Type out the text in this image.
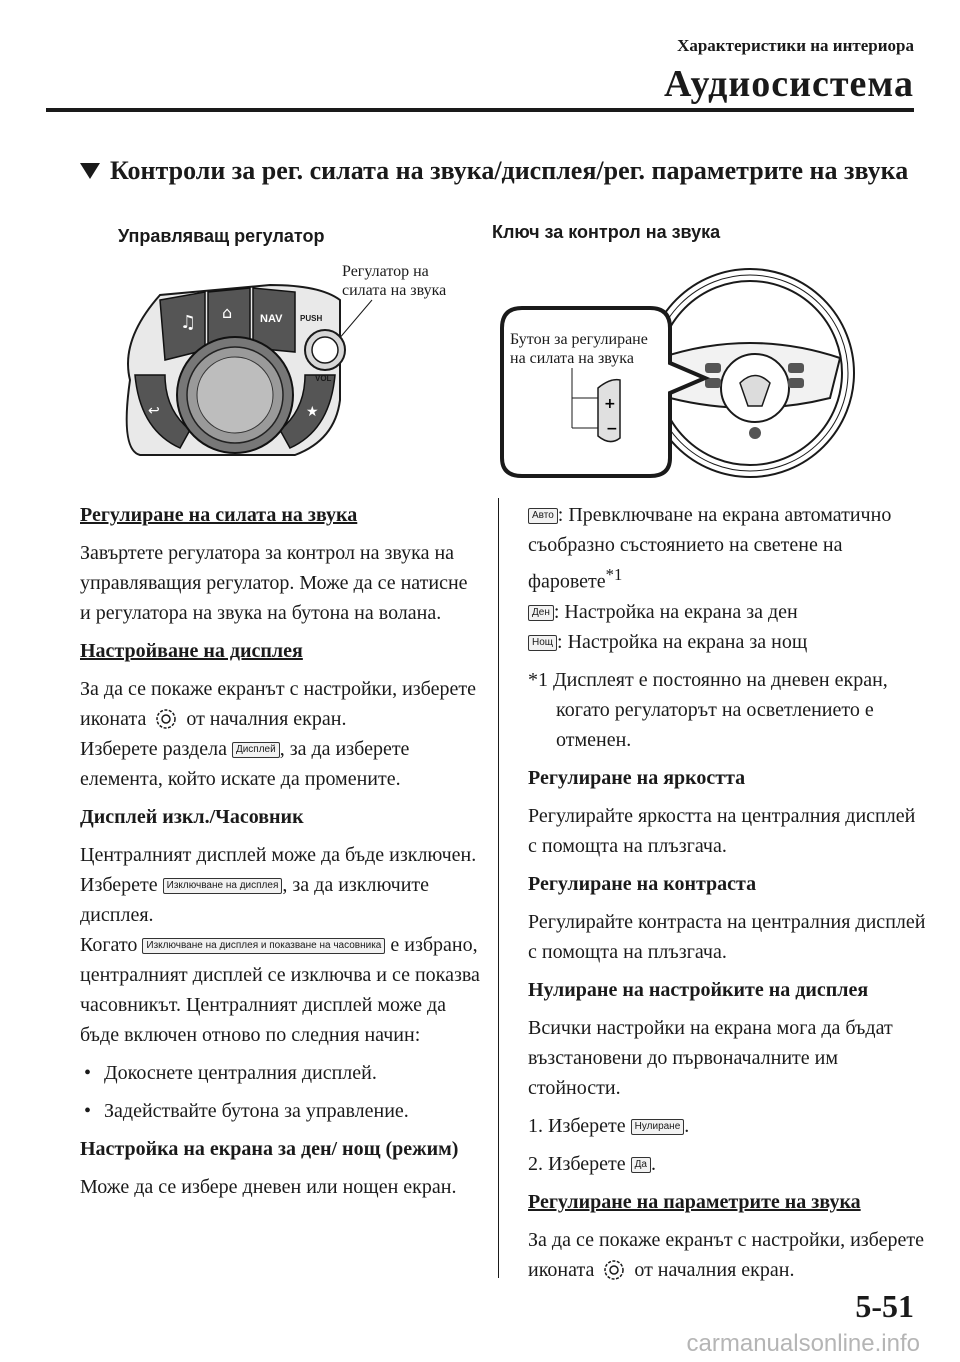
Характеристики на интериора
Аудиосистема
Контроли за рег. силата на звука/дисплея/рег. параметрите на звука
Управляващ регулатор	Ключ за контрол на звука
Регулатор на
силата на звука
♫ ⌂	NAV
↩	★
PUSH
VOL
+
−
Бутон за регулиране
на силата на звука

Регулиране на силата на звука

Завъртете регулатора за контрол на звука на управляващия регулатор. Може да се натисне и регулатора на звука на бутона на волана.

Настройване на дисплея

За да се покаже екранът с настройки, изберете иконата от началния екран.
Изберете раздела Дисплей , за да изберете елемента, който искате да промените.

Дисплей изкл./Часовник

Централният дисплей може да бъде изключен. Изберете Изключване на дисплея , за да изключите дисплея.
Когато Изключване на дисплея и показване на часовника е избрано, централният дисплей се изключва и се показва часовникът. Централният дисплей може да бъде включен отново по следния начин:

• Докоснете централния дисплей.

• Задействайте бутона за управление.

Настройка на екрана за ден/ нощ (режим)

Може да се избере дневен или нощен екран.

Авто : Превключване на екрана автоматично съобразно състоянието на светене на фаровете$^{*1}$
Ден : Настройка на екрана за ден
Нощ : Настройка на екрана за нощ

*1 Дисплеят е постоянно на дневен екран, когато регулаторът на осветлението е отменен.

Регулиране на яркостта

Регулирайте яркостта на централния дисплей с помощта на плъзгача.

Регулиране на контраста

Регулирайте контраста на централния дисплей с помощта на плъзгача.

Нулиране на настройките на дисплея

Всички настройки на екрана мога да бъдат възстановени до първоначалните им стойности.

1. Изберете Нулиране .

2. Изберете Да .

Регулиране на параметрите на звука

За да се покаже екранът с настройки, изберете иконата от началния екран.

5-51
carmanualsonline.info
